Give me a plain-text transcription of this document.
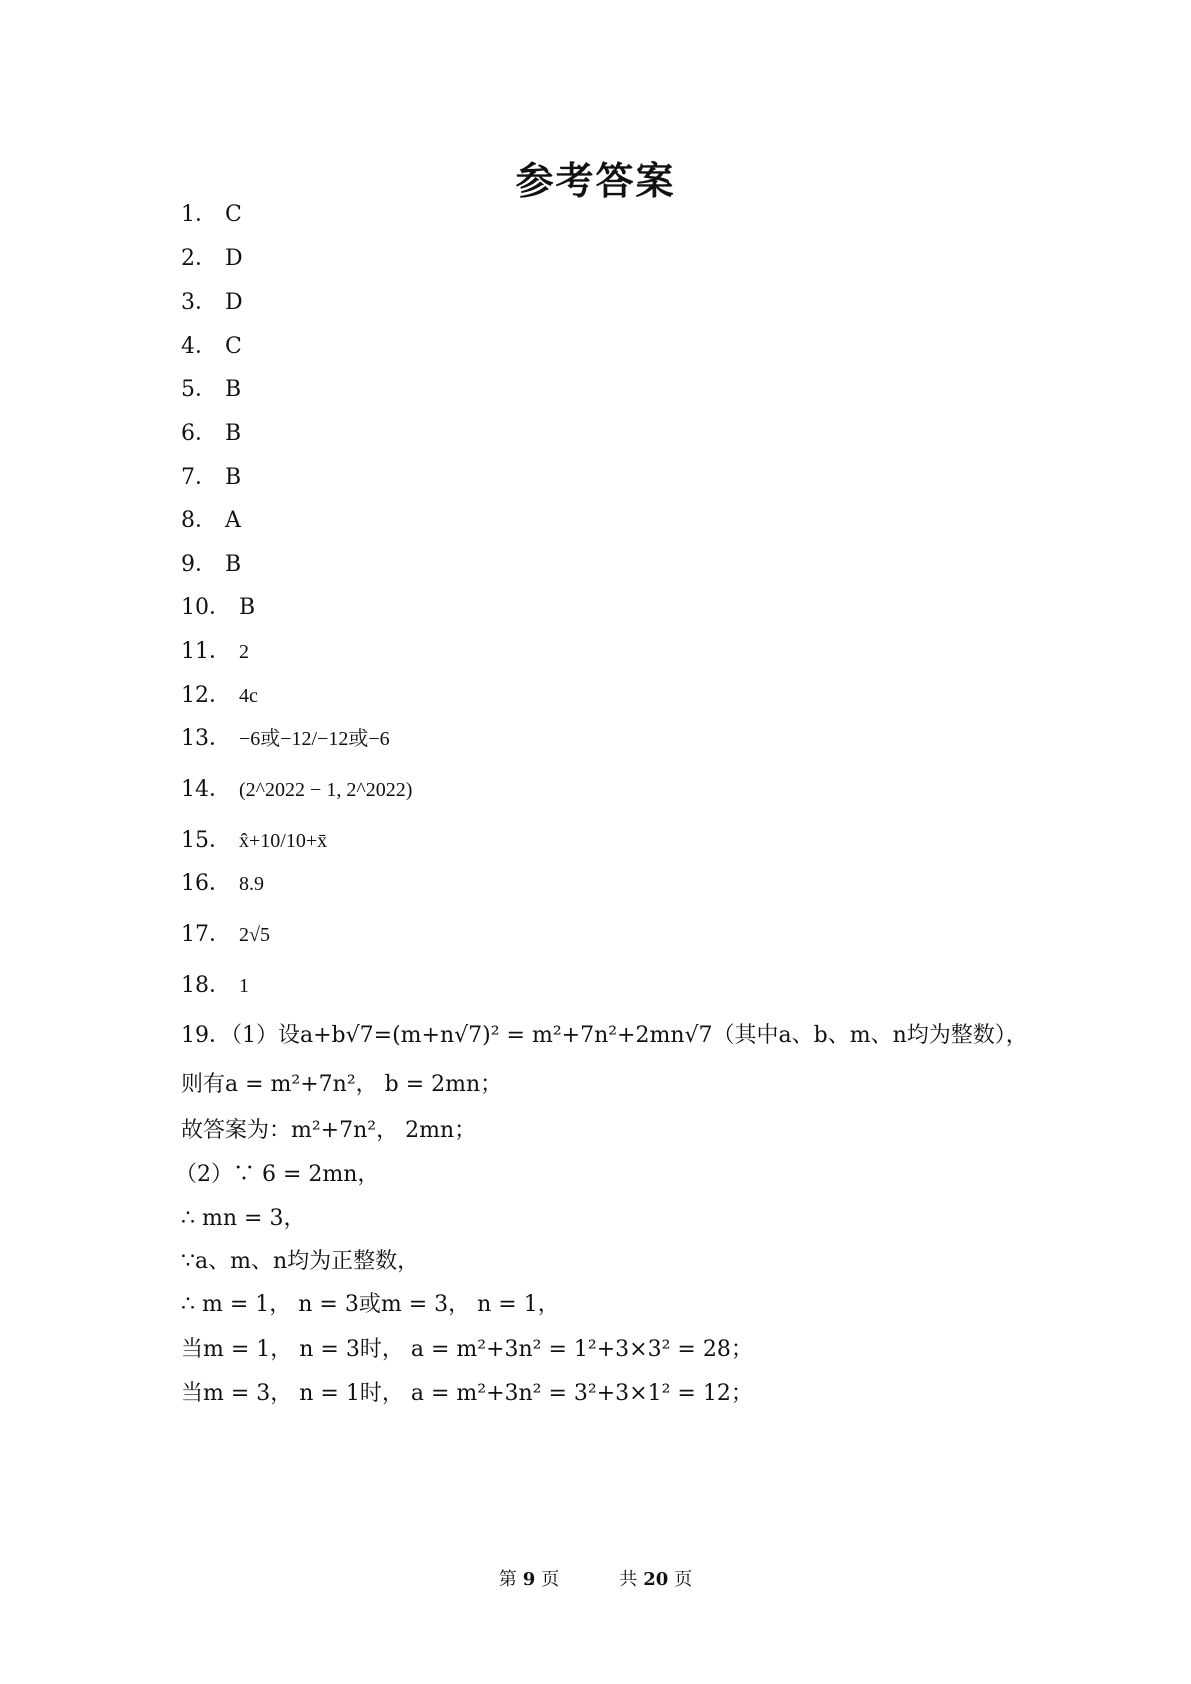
参考答案
1． C
2． D
3． D
4． C
5． B
6． B
7． B
8． A
9． B
10． B
11． 2
12． 4c
13． −6或−12/−12或−6
14． (2^2022 − 1, 2^2022)
15． x̂+10/10+x̄
16． 8.9
17． 2√5
18． 1
19．（1）设a+b√7=(m+n√7)² = m²+7n²+2mn√7（其中a、b、m、n均为整数），
则有a = m²+7n²， b = 2mn；
故答案为：m²+7n²， 2mn；
（2）∵ 6 = 2mn，
∴ mn = 3，
∵a、m、n均为正整数，
∴ m = 1， n = 3或m = 3， n = 1，
当m = 1， n = 3时， a = m²+3n² = 1²+3×3² = 28；
当m = 3， n = 1时， a = m²+3n² = 3²+3×1² = 12；
第 9 页	共 20 页
